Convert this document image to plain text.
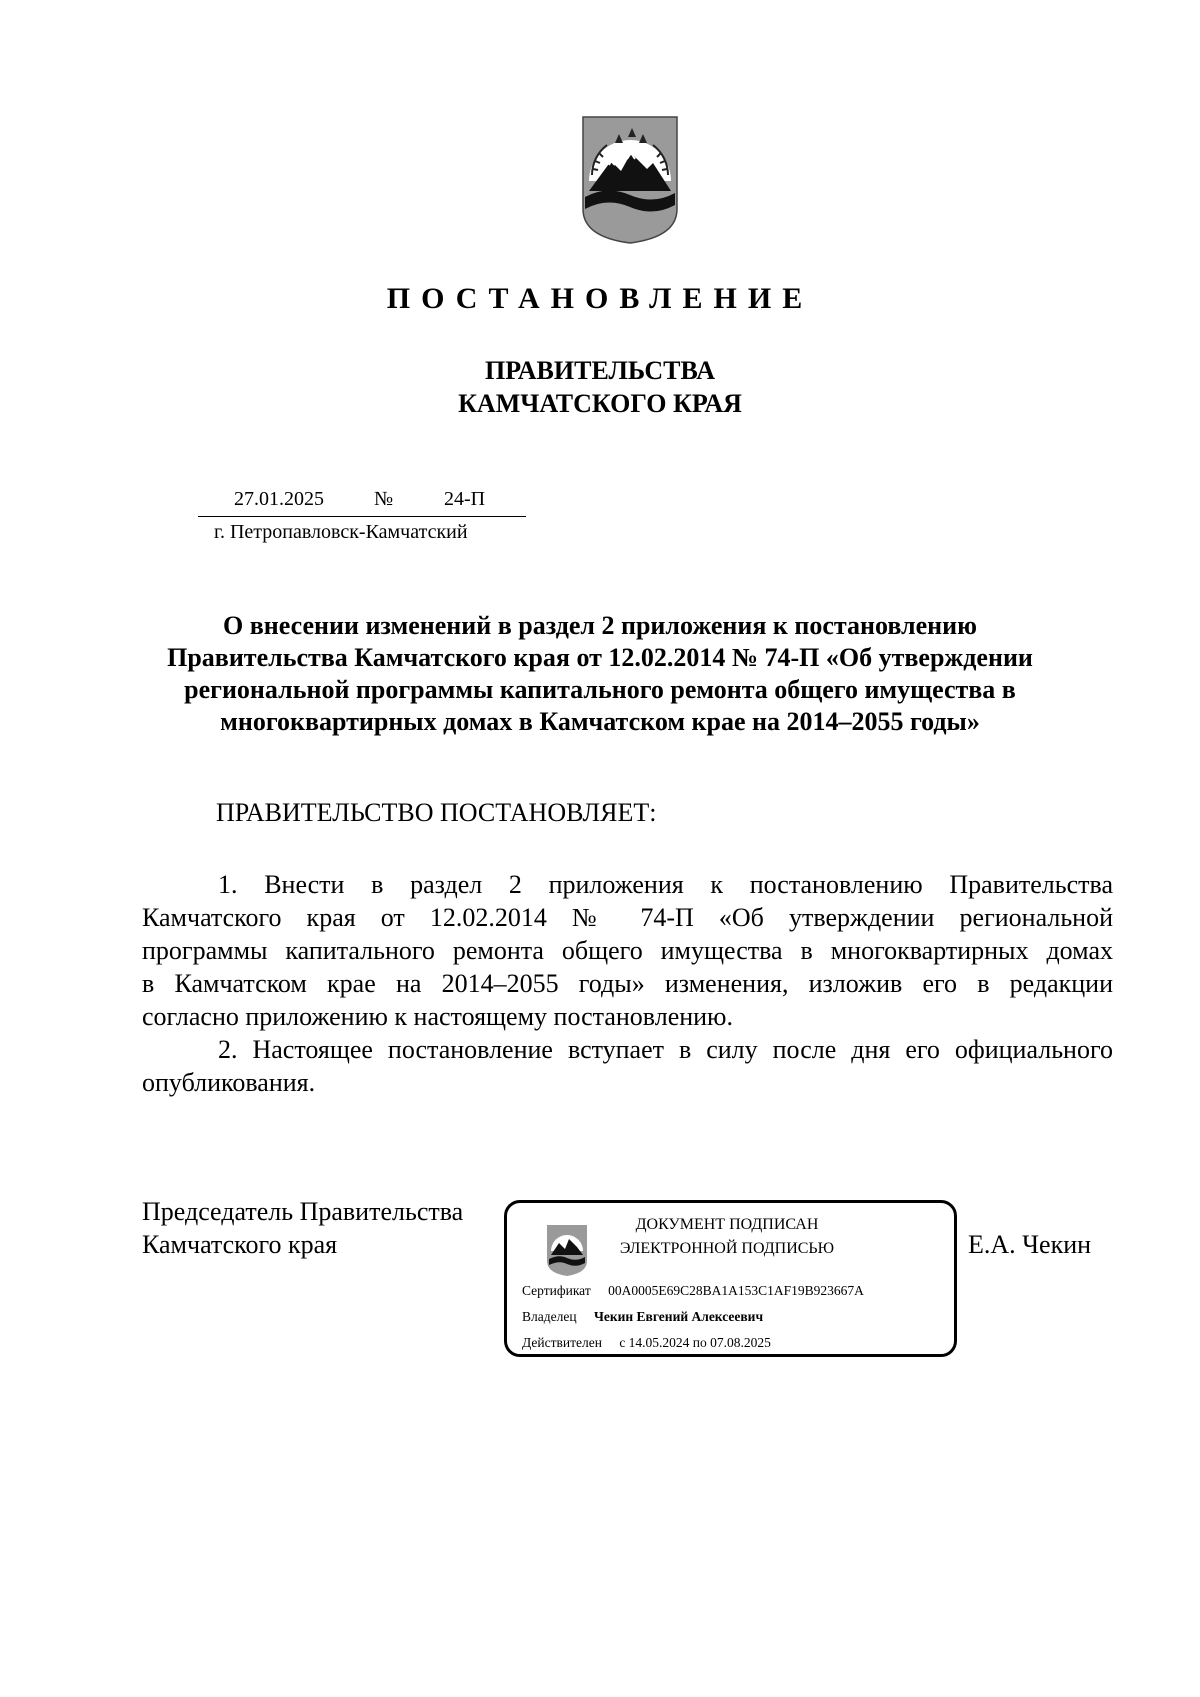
ПОСТАНОВЛЕНИЕ
ПРАВИТЕЛЬСТВА
КАМЧАТСКОГО КРАЯ
27.01.2025	№	24-П
г. Петропавловск-Камчатский
О внесении изменений в раздел 2 приложения к постановлению
Правительства Камчатского края от 12.02.2014 № 74-П «Об утверждении
региональной программы капитального ремонта общего имущества в
многоквартирных домах в Камчатском крае на 2014–2055 годы»
ПРАВИТЕЛЬСТВО ПОСТАНОВЛЯЕТ:
1. Внести в раздел 2 приложения к постановлению Правительства
Камчатского края от 12.02.2014 № 74-П «Об утверждении региональной
программы капитального ремонта общего имущества в многоквартирных домах
в Камчатском крае на 2014–2055 годы» изменения, изложив его в редакции
согласно приложению к настоящему постановлению.
2. Настоящее постановление вступает в силу после дня его официального
опубликования.
Председатель Правительства
Камчатского края	Е.А. Чекин
ДОКУМЕНТ ПОДПИСАН
ЭЛЕКТРОННОЙ ПОДПИСЬЮ
Сертификат 00A0005E69C28BA1A153C1AF19B923667A
Владелец Чекин Евгений Алексеевич
Действителен с 14.05.2024 по 07.08.2025
